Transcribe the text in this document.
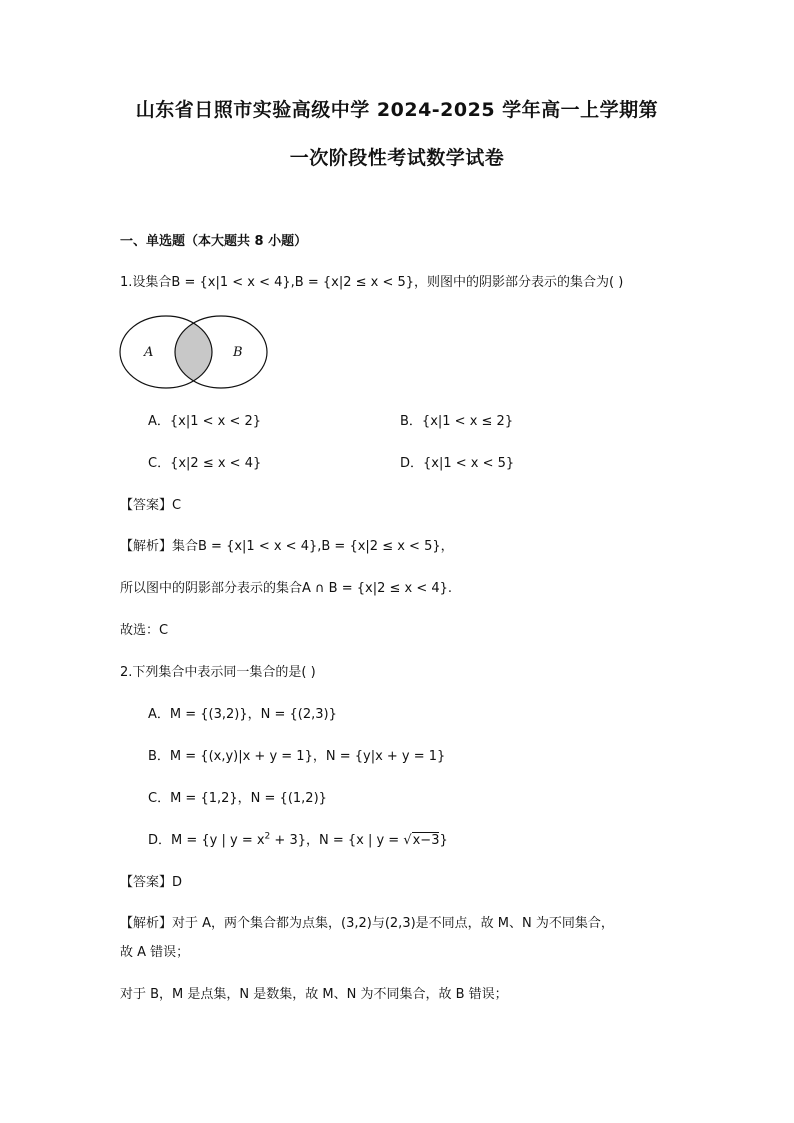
山东省日照市实验高级中学 2024-2025 学年高一上学期第
一次阶段性考试数学试卷
一、单选题（本大题共 8 小题）
1.设集合B = {x|1 < x < 4},B = {x|2 ≤ x < 5}，则图中的阴影部分表示的集合为( )
A	B
A．{x|1 < x < 2}	B．{x|1 < x ≤ 2}
C．{x|2 ≤ x < 4}	D．{x|1 < x < 5}
【答案】C
【解析】集合B = {x|1 < x < 4},B = {x|2 ≤ x < 5}，
所以图中的阴影部分表示的集合A ∩ B = {x|2 ≤ x < 4}.
故选：C
2.下列集合中表示同一集合的是( )
A．M = {(3,2)}，N = {(2,3)}
B．M = {(x,y)|x + y = 1}，N = {y|x + y = 1}
C．M = {1,2}，N = {(1,2)}
D．M = {y | $y = x^2 + 3$}，N = {x | y = √x−3}
【答案】D
【解析】对于 A，两个集合都为点集，(3,2)与(2,3)是不同点，故 M、N 为不同集合，
故 A 错误；
对于 B，M 是点集，N 是数集，故 M、N 为不同集合，故 B 错误；
